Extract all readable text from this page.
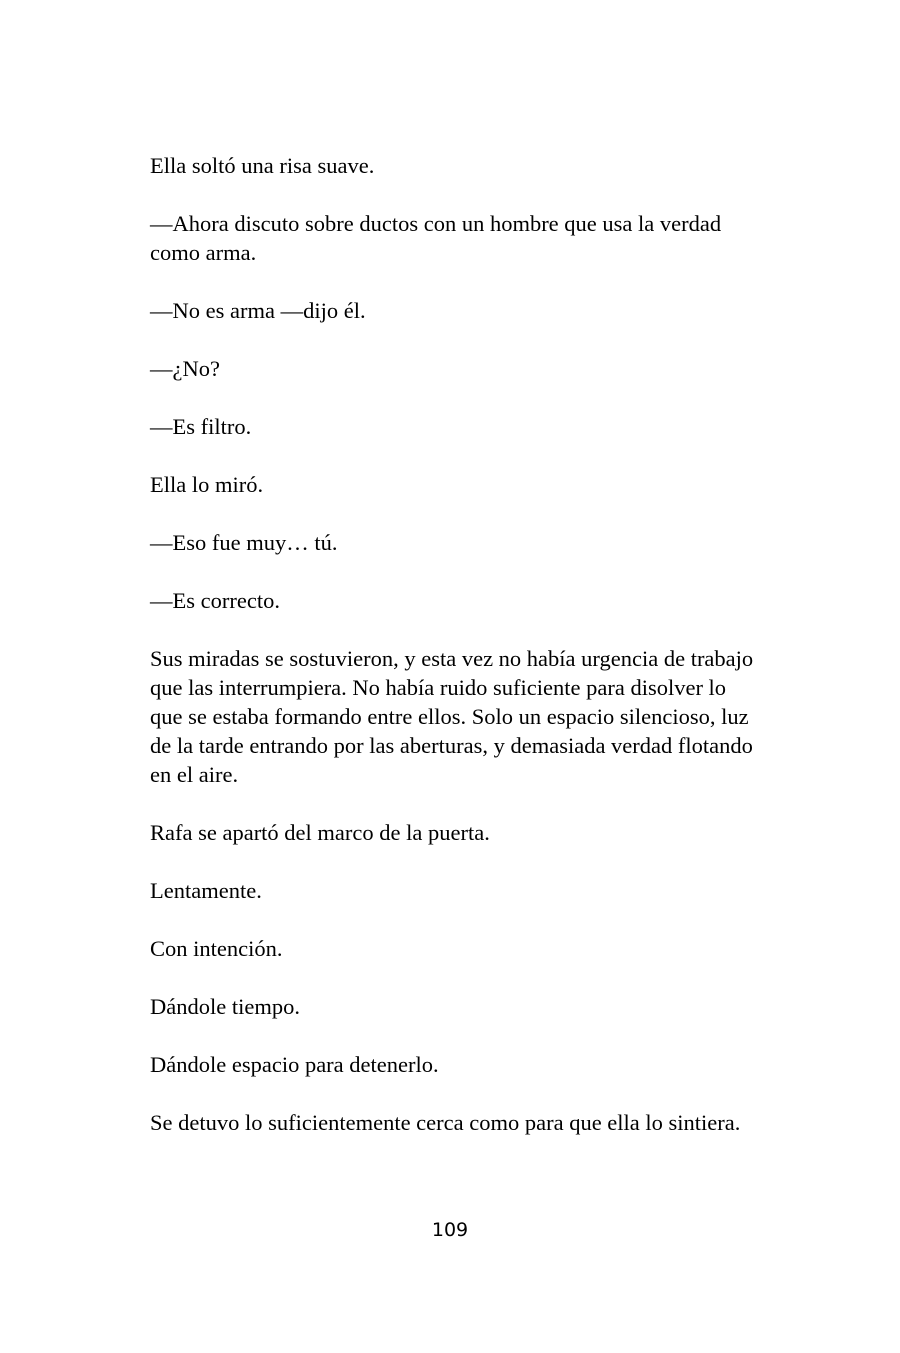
Ella soltó una risa suave.

—Ahora discuto sobre ductos con un hombre que usa la verdad como arma.

—No es arma —dijo él.

—¿No?

—Es filtro.

Ella lo miró.

—Eso fue muy… tú.

—Es correcto.

Sus miradas se sostuvieron, y esta vez no había urgencia de trabajo que las interrumpiera. No había ruido suficiente para disolver lo que se estaba formando entre ellos. Solo un espacio silencioso, luz de la tarde entrando por las aberturas, y demasiada verdad flotando en el aire.

Rafa se apartó del marco de la puerta.

Lentamente.

Con intención.

Dándole tiempo.

Dándole espacio para detenerlo.

Se detuvo lo suficientemente cerca como para que ella lo sintiera.

109
